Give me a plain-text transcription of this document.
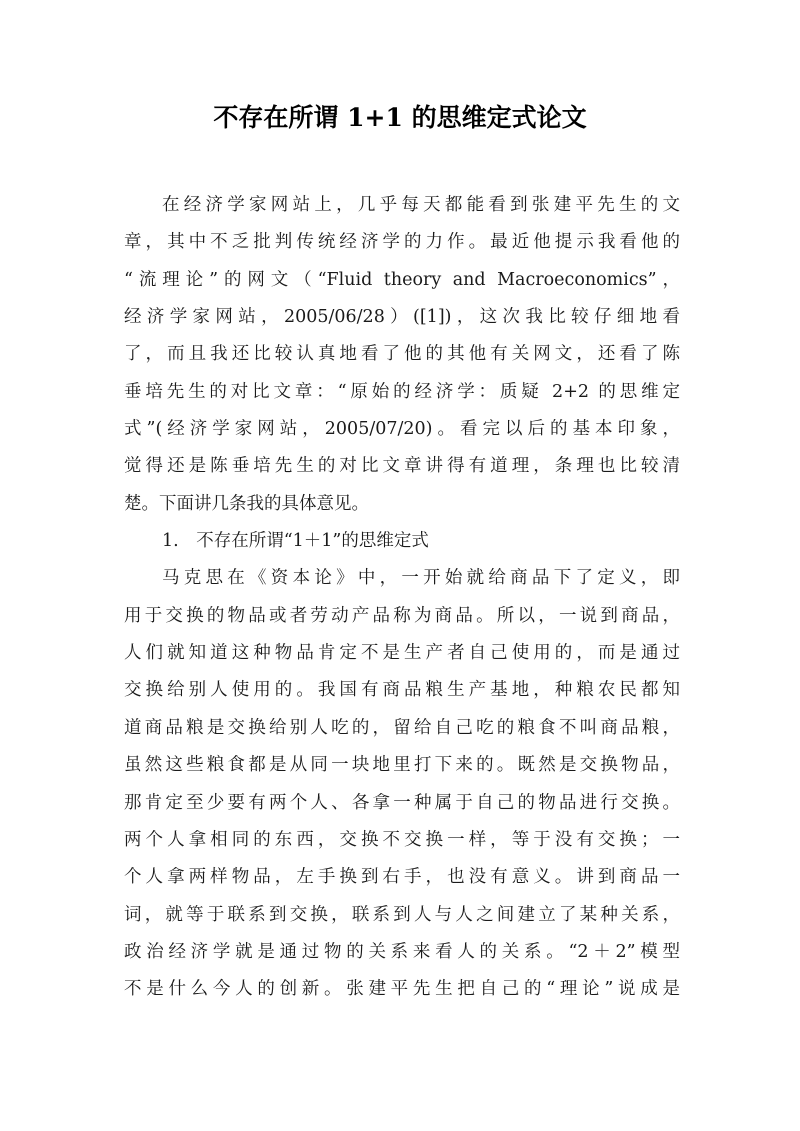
不存在所谓 1+1 的思维定式论文
在经济学家网站上，几乎每天都能看到张建平先生的文
章，其中不乏批判传统经济学的力作。最近他提示我看他的
“流理论”的网文（“Fluid theory and Macroeconomics”，
经济学家网站，2005/06/28）([1])，这次我比较仔细地看
了，而且我还比较认真地看了他的其他有关网文，还看了陈
垂培先生的对比文章：“原始的经济学：质疑 2+2 的思维定
式”(经济学家网站，2005/07/20)。看完以后的基本印象，
觉得还是陈垂培先生的对比文章讲得有道理，条理也比较清
楚。下面讲几条我的具体意见。
1.　不存在所谓“1＋1”的思维定式
马克思在《资本论》中，一开始就给商品下了定义，即
用于交换的物品或者劳动产品称为商品。所以，一说到商品，
人们就知道这种物品肯定不是生产者自己使用的，而是通过
交换给别人使用的。我国有商品粮生产基地，种粮农民都知
道商品粮是交换给别人吃的，留给自己吃的粮食不叫商品粮，
虽然这些粮食都是从同一块地里打下来的。既然是交换物品，
那肯定至少要有两个人、各拿一种属于自己的物品进行交换。
两个人拿相同的东西，交换不交换一样，等于没有交换；一
个人拿两样物品，左手换到右手，也没有意义。讲到商品一
词，就等于联系到交换，联系到人与人之间建立了某种关系，
政治经济学就是通过物的关系来看人的关系。“2＋2”模型
不是什么今人的创新。张建平先生把自己的“理论”说成是
